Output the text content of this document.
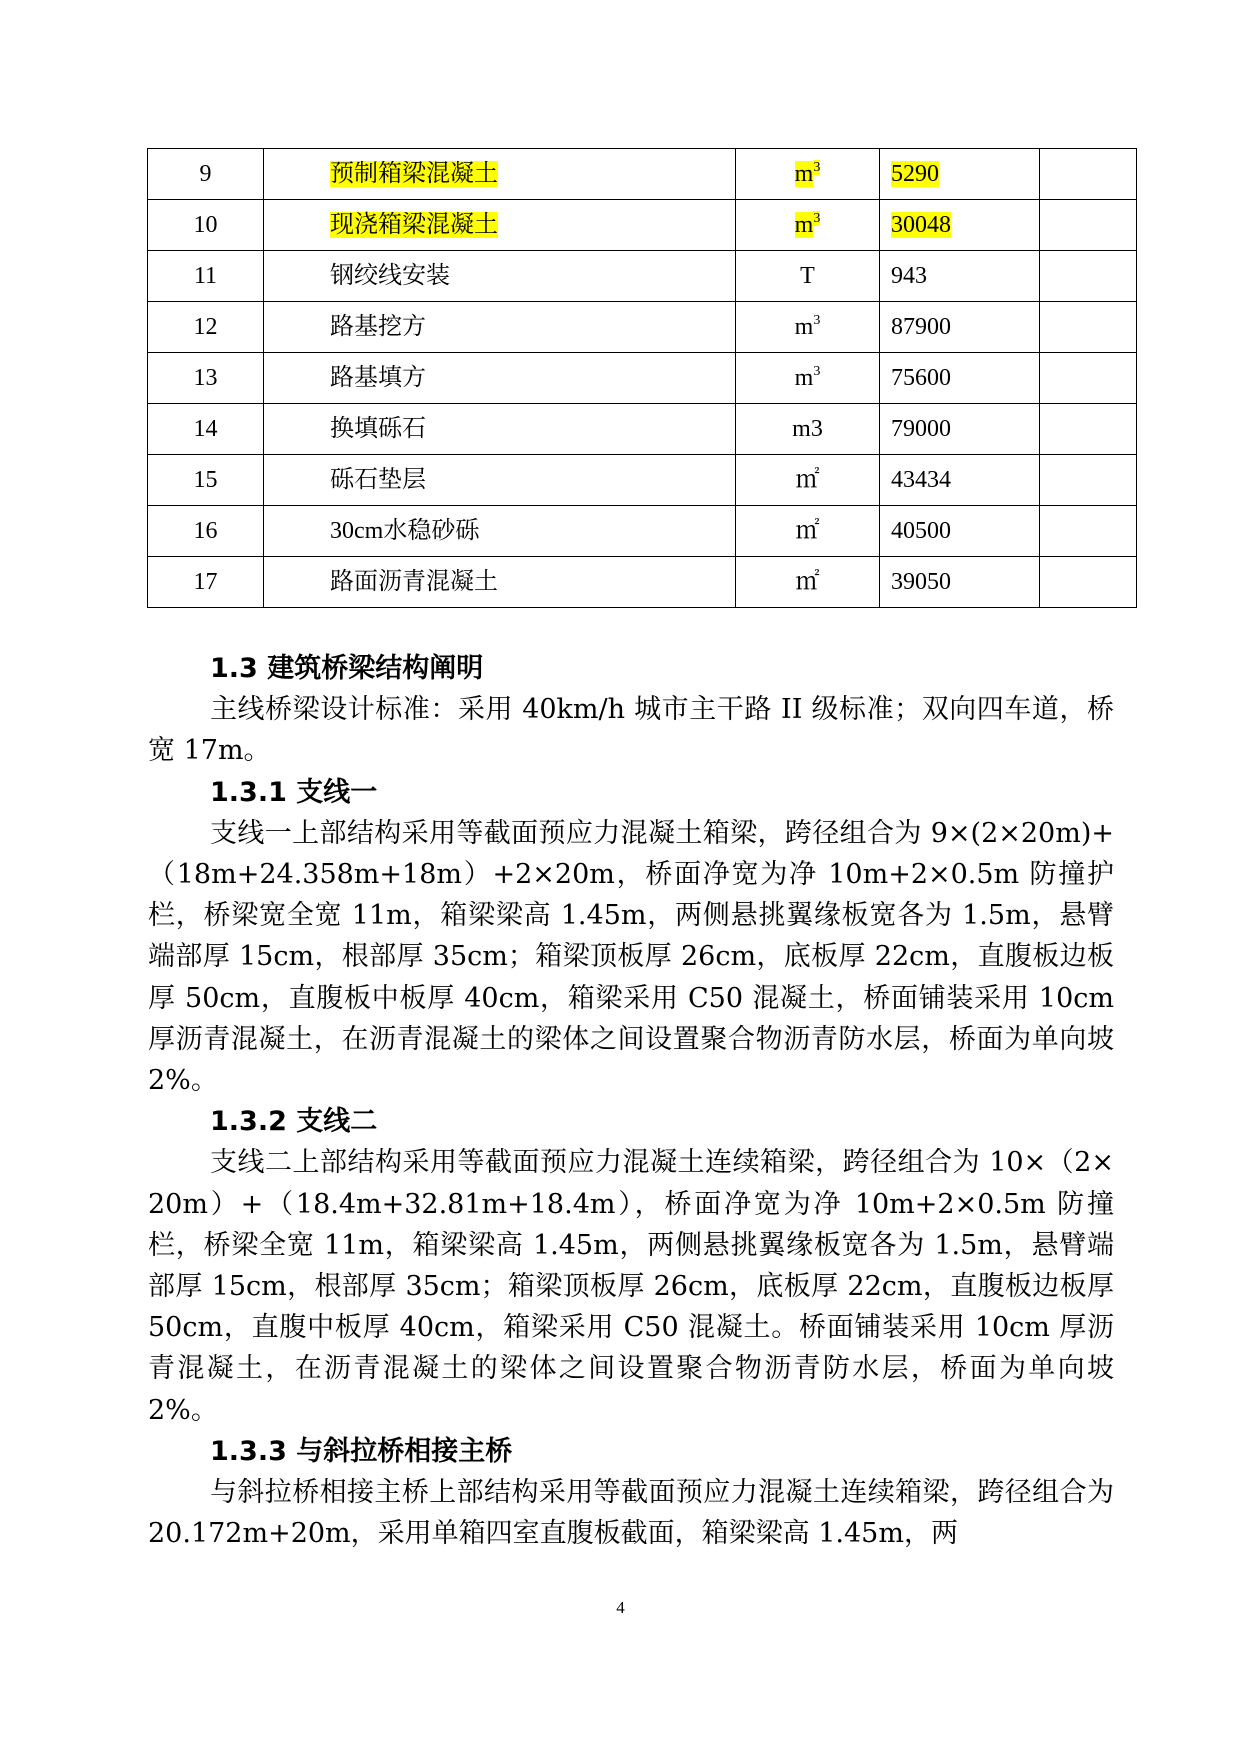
9	预制箱梁混凝土	$m^3$	5290	
10	现浇箱梁混凝土	$m^3$	30048	
11	钢绞线安装	T	943	
12	路基挖方	$m^3$	87900	
13	路基填方	$m^3$	75600	
14	换填砾石	m3	79000	
15	砾石垫层	㎡	43434	
16	30cm水稳砂砾	㎡	40500	
17	路面沥青混凝土	㎡	39050	
1.3 建筑桥梁结构阐明

主线桥梁设计标准：采用 40km/h 城市主干路 II 级标准；双向四车道，桥宽 17m。

1.3.1 支线一

支线一上部结构采用等截面预应力混凝土箱梁，跨径组合为 9×(2×20m)+（18m+24.358m+18m）+2×20m，桥面净宽为净 10m+2×0.5m 防撞护栏，桥梁宽全宽 11m，箱梁梁高 1.45m，两侧悬挑翼缘板宽各为 1.5m，悬臂端部厚 15cm，根部厚 35cm；箱梁顶板厚 26cm，底板厚 22cm，直腹板边板厚 50cm，直腹板中板厚 40cm，箱梁采用 C50 混凝土，桥面铺装采用 10cm 厚沥青混凝土，在沥青混凝土的梁体之间设置聚合物沥青防水层，桥面为单向坡 2%。

1.3.2 支线二

支线二上部结构采用等截面预应力混凝土连续箱梁，跨径组合为 10×（2×20m）+（18.4m+32.81m+18.4m），桥面净宽为净 10m+2×0.5m 防撞栏，桥梁全宽 11m，箱梁梁高 1.45m，两侧悬挑翼缘板宽各为 1.5m，悬臂端部厚 15cm，根部厚 35cm；箱梁顶板厚 26cm，底板厚 22cm，直腹板边板厚 50cm，直腹中板厚 40cm，箱梁采用 C50 混凝土。桥面铺装采用 10cm 厚沥青混凝土，在沥青混凝土的梁体之间设置聚合物沥青防水层，桥面为单向坡 2%。

1.3.3 与斜拉桥相接主桥

与斜拉桥相接主桥上部结构采用等截面预应力混凝土连续箱梁，跨径组合为 20.172m+20m，采用单箱四室直腹板截面，箱梁梁高 1.45m，两

4
